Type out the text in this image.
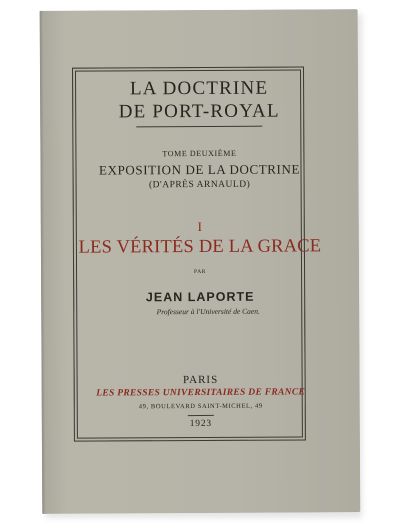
LA DOCTRINE
DE PORT-ROYAL
TOME DEUXIÈME
EXPOSITION DE LA DOCTRINE
(D'APRÈS ARNAULD)
I
LES VÉRITÉS DE LA GRACE
PAR
JEAN LAPORTE
Professeur à l'Université de Caen.
PARIS
LES PRESSES UNIVERSITAIRES DE FRANCE
49, BOULEVARD SAINT-MICHEL, 49
1923
